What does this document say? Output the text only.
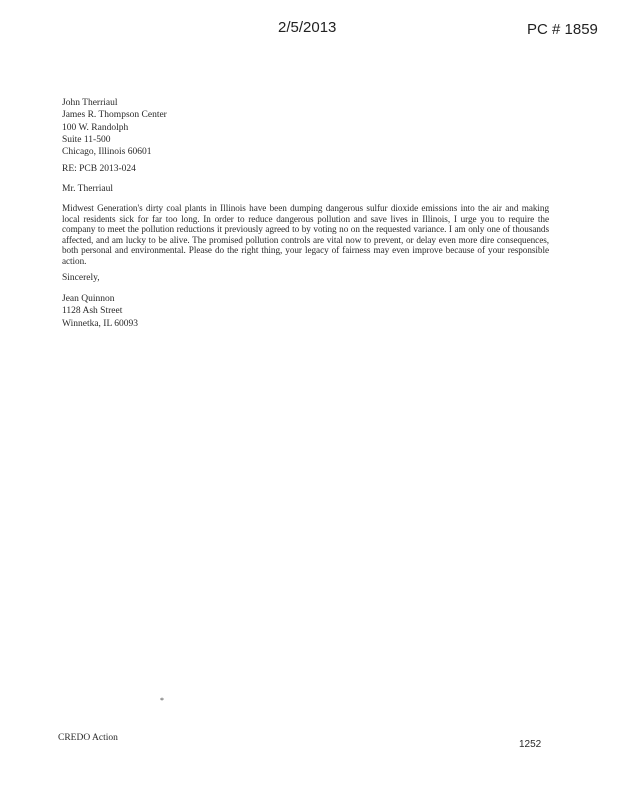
2/5/2013	PC # 1859
John Therriaul
James R. Thompson Center
100 W. Randolph
Suite 11-500
Chicago, Illinois 60601
RE: PCB 2013-024
Mr. Therriaul
Midwest Generation's dirty coal plants in Illinois have been dumping dangerous sulfur dioxide emissions into the air and making local residents sick for far too long. In order to reduce dangerous pollution and save lives in Illinois, I urge you to require the company to meet the pollution reductions it previously agreed to by voting no on the requested variance. I am only one of thousands affected, and am lucky to be alive. The promised pollution controls are vital now to prevent, or delay even more dire consequences, both personal and environmental. Please do the right thing, your legacy of fairness may even improve because of your responsible action.
Sincerely,
Jean Quinnon
1128 Ash Street
Winnetka, IL 60093
*
CREDO Action
1252
